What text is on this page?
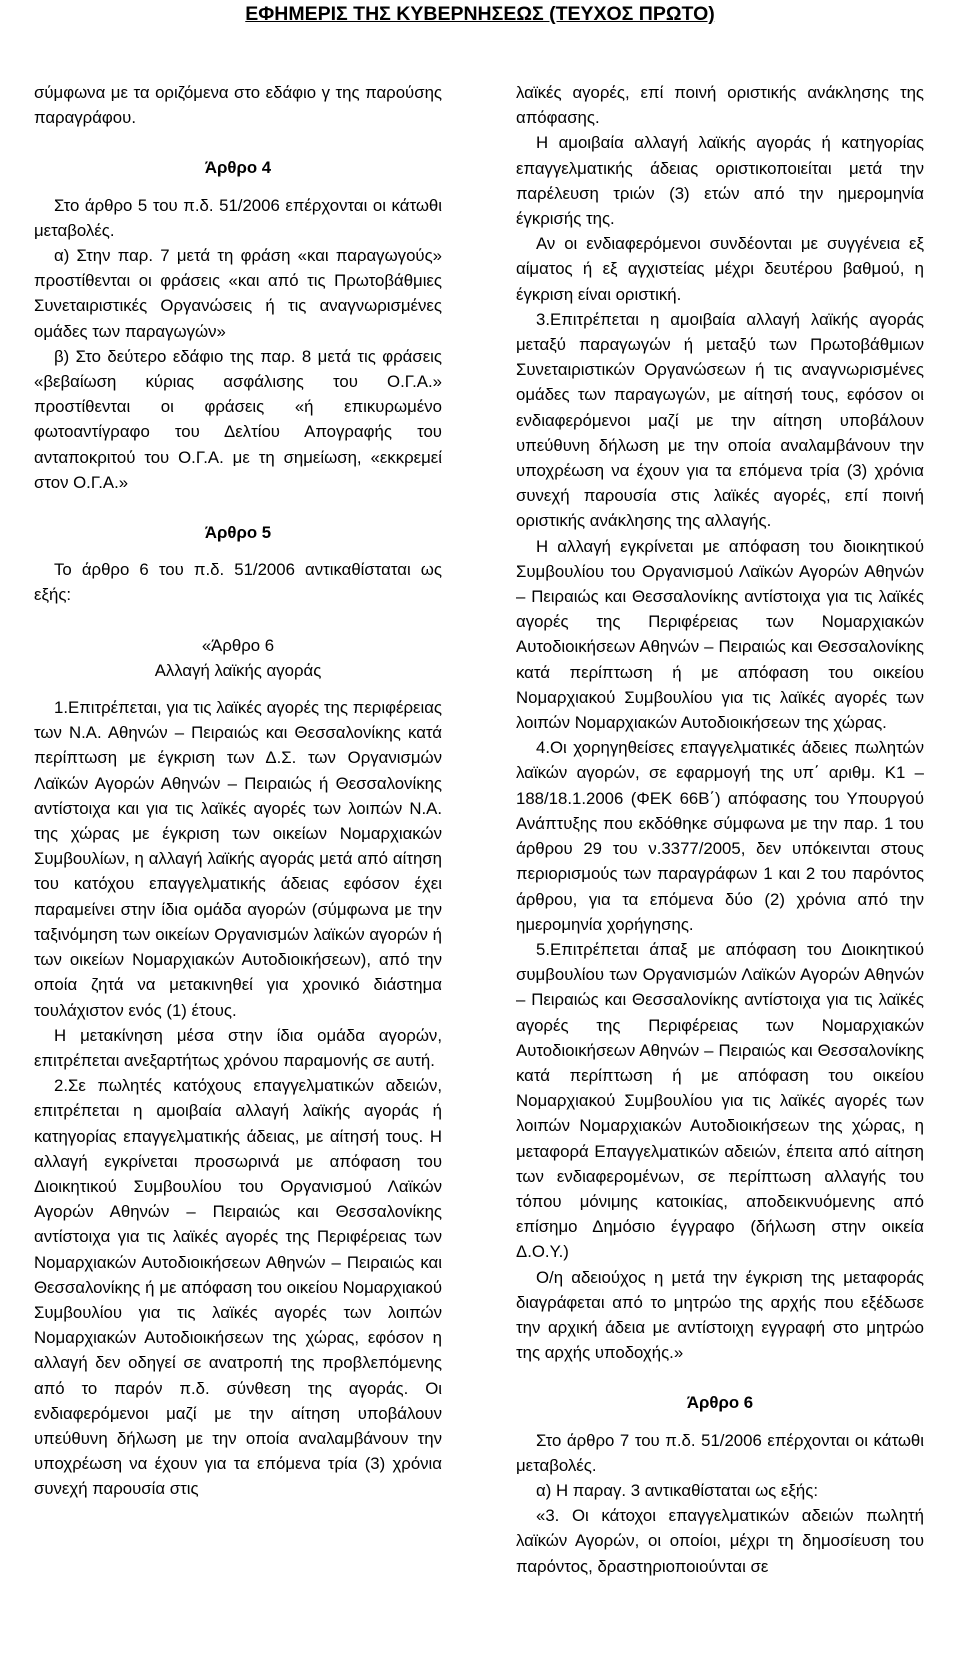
ΕΦΗΜΕΡΙΣ ΤΗΣ ΚΥΒΕΡΝΗΣΕΩΣ (ΤΕΥΧΟΣ ΠΡΩΤΟ)

σύμφωνα με τα οριζόμενα στο εδάφιο γ της παρούσης παραγράφου.

Άρθρο 4

Στο άρθρο 5 του π.δ. 51/2006 επέρχονται οι κάτωθι μεταβολές.

α) Στην παρ. 7 μετά τη φράση «και παραγωγούς» προστίθενται οι φράσεις «και από τις Πρωτοβάθμιες Συνεταιριστικές Οργανώσεις ή τις αναγνωρισμένες ομάδες των παραγωγών»

β) Στο δεύτερο εδάφιο της παρ. 8 μετά τις φράσεις «βεβαίωση κύριας ασφάλισης του Ο.Γ.Α.» προστίθενται οι φράσεις «ή επικυρωμένο φωτοαντίγραφο του Δελτίου Απογραφής του ανταποκριτού του Ο.Γ.Α. με τη σημείωση, «εκκρεμεί στον Ο.Γ.Α.»

Άρθρο 5

Το άρθρο 6 του π.δ. 51/2006 αντικαθίσταται ως εξής:

«Άρθρο 6

Αλλαγή λαϊκής αγοράς

1.Επιτρέπεται, για τις λαϊκές αγορές της περιφέρειας των Ν.Α. Αθηνών – Πειραιώς και Θεσσαλονίκης κατά περίπτωση με έγκριση των Δ.Σ. των Οργανισμών Λαϊκών Αγορών Αθηνών – Πειραιώς ή Θεσσαλονίκης αντίστοιχα και για τις λαϊκές αγορές των λοιπών Ν.Α. της χώρας με έγκριση των οικείων Νομαρχιακών Συμβουλίων, η αλλαγή λαϊκής αγοράς μετά από αίτηση του κατόχου επαγγελματικής άδειας εφόσον έχει παραμείνει στην ίδια ομάδα αγορών (σύμφωνα με την ταξινόμηση των οικείων Οργανισμών λαϊκών αγορών ή των οικείων Νομαρχιακών Αυτοδιοικήσεων), από την οποία ζητά να μετακινηθεί για χρονικό διάστημα τουλάχιστον ενός (1) έτους.

Η μετακίνηση μέσα στην ίδια ομάδα αγορών, επιτρέπεται ανεξαρτήτως χρόνου παραμονής σε αυτή.

2.Σε πωλητές κατόχους επαγγελματικών αδειών, επιτρέπεται η αμοιβαία αλλαγή λαϊκής αγοράς ή κατηγορίας επαγγελματικής άδειας, με αίτησή τους. Η αλλαγή εγκρίνεται προσωρινά με απόφαση του Διοικητικού Συμβουλίου του Οργανισμού Λαϊκών Αγορών Αθηνών – Πειραιώς και Θεσσαλονίκης αντίστοιχα για τις λαϊκές αγορές της Περιφέρειας των Νομαρχιακών Αυτοδιοικήσεων Αθηνών – Πειραιώς και Θεσσαλονίκης ή με απόφαση του οικείου Νομαρχιακού Συμβουλίου για τις λαϊκές αγορές των λοιπών Νομαρχιακών Αυτοδιοικήσεων της χώρας, εφόσον η αλλαγή δεν οδηγεί σε ανατροπή της προβλεπόμενης από το παρόν π.δ. σύνθεση της αγοράς. Οι ενδιαφερόμενοι μαζί με την αίτηση υποβάλουν υπεύθυνη δήλωση με την οποία αναλαμβάνουν την υποχρέωση να έχουν για τα επόμενα τρία (3) χρόνια συνεχή παρουσία στις

λαϊκές αγορές, επί ποινή οριστικής ανάκλησης της απόφασης.

Η αμοιβαία αλλαγή λαϊκής αγοράς ή κατηγορίας επαγγελματικής άδειας οριστικοποιείται μετά την παρέλευση τριών (3) ετών από την ημερομηνία έγκρισής της.

Αν οι ενδιαφερόμενοι συνδέονται με συγγένεια εξ αίματος ή εξ αγχιστείας μέχρι δευτέρου βαθμού, η έγκριση είναι οριστική.

3.Επιτρέπεται η αμοιβαία αλλαγή λαϊκής αγοράς μεταξύ παραγωγών ή μεταξύ των Πρωτοβάθμιων Συνεταιριστικών Οργανώσεων ή τις αναγνωρισμένες ομάδες των παραγωγών, με αίτησή τους, εφόσον οι ενδιαφερόμενοι μαζί με την αίτηση υποβάλουν υπεύθυνη δήλωση με την οποία αναλαμβάνουν την υποχρέωση να έχουν για τα επόμενα τρία (3) χρόνια συνεχή παρουσία στις λαϊκές αγορές, επί ποινή οριστικής ανάκλησης της αλλαγής.

Η αλλαγή εγκρίνεται με απόφαση του διοικητικού Συμβουλίου του Οργανισμού Λαϊκών Αγορών Αθηνών – Πειραιώς και Θεσσαλονίκης αντίστοιχα για τις λαϊκές αγορές της Περιφέρειας των Νομαρχιακών Αυτοδιοικήσεων Αθηνών – Πειραιώς και Θεσσαλονίκης κατά περίπτωση ή με απόφαση του οικείου Νομαρχιακού Συμβουλίου για τις λαϊκές αγορές των λοιπών Νομαρχιακών Αυτοδιοικήσεων της χώρας.

4.Οι χορηγηθείσες επαγγελματικές άδειες πωλητών λαϊκών αγορών, σε εφαρμογή της υπ΄ αριθμ. Κ1 – 188/18.1.2006 (ΦΕΚ 66Β΄) απόφασης του Υπουργού Ανάπτυξης που εκδόθηκε σύμφωνα με την παρ. 1 του άρθρου 29 του ν.3377/2005, δεν υπόκεινται στους περιορισμούς των παραγράφων 1 και 2 του παρόντος άρθρου, για τα επόμενα δύο (2) χρόνια από την ημερομηνία χορήγησης.

5.Επιτρέπεται άπαξ με απόφαση του Διοικητικού συμβουλίου των Οργανισμών Λαϊκών Αγορών Αθηνών – Πειραιώς και Θεσσαλονίκης αντίστοιχα για τις λαϊκές αγορές της Περιφέρειας των Νομαρχιακών Αυτοδιοικήσεων Αθηνών – Πειραιώς και Θεσσαλονίκης κατά περίπτωση ή με απόφαση του οικείου Νομαρχιακού Συμβουλίου για τις λαϊκές αγορές των λοιπών Νομαρχιακών Αυτοδιοικήσεων της χώρας, η μεταφορά Επαγγελματικών αδειών, έπειτα από αίτηση των ενδιαφερομένων, σε περίπτωση αλλαγής του τόπου μόνιμης κατοικίας, αποδεικνυόμενης από επίσημο Δημόσιο έγγραφο (δήλωση στην οικεία Δ.Ο.Υ.)

Ο/η αδειούχος η μετά την έγκριση της μεταφοράς διαγράφεται από το μητρώο της αρχής που εξέδωσε την αρχική άδεια με αντίστοιχη εγγραφή στο μητρώο της αρχής υποδοχής.»

Άρθρο 6

Στο άρθρο 7 του π.δ. 51/2006 επέρχονται οι κάτωθι μεταβολές.

α) Η παραγ. 3 αντικαθίσταται ως εξής:

«3. Οι κάτοχοι επαγγελματικών αδειών πωλητή λαϊκών Αγορών, οι οποίοι, μέχρι τη δημοσίευση του παρόντος, δραστηριοποιούνται σε
